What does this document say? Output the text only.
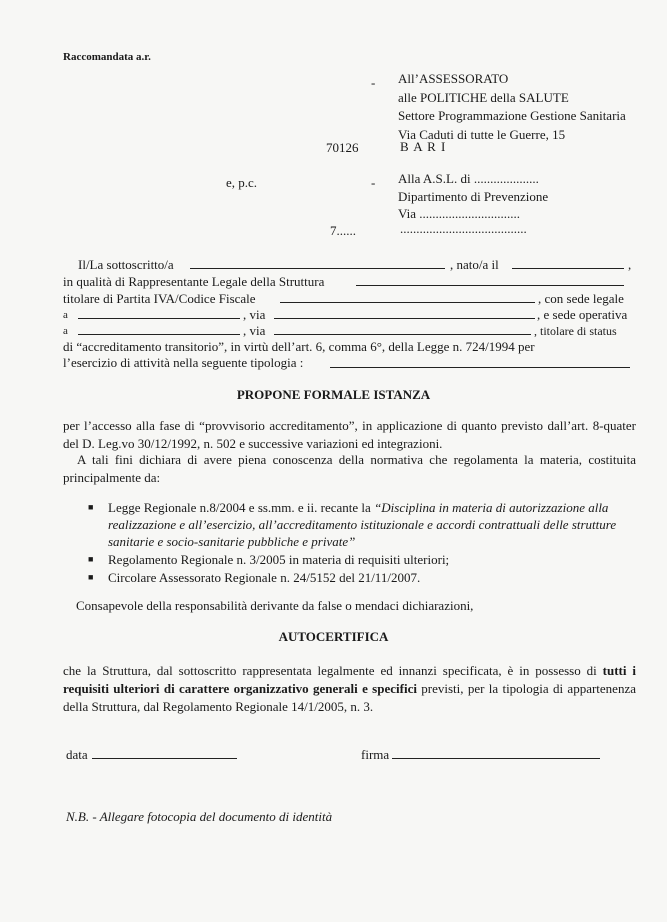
Raccomandata a.r.
- All’ASSESSORATO
alle POLITICHE della SALUTE
Settore Programmazione Gestione Sanitaria
Via Caduti di tutte le Guerre, 15
70126	B A R I
e, p.c.	- Alla A.S.L. di ....................
Dipartimento di Prevenzione
Via ...............................
7......	.......................................
Il/La sottoscritto/a	, nato/a il	,
in qualità di Rappresentante Legale della Struttura
titolare di Partita IVA/Codice Fiscale	, con sede legale
a	, via	, e sede operativa
a	, via	, titolare di status
di “accreditamento transitorio”, in virtù dell’art. 6, comma 6°, della Legge n. 724/1994 per
l’esercizio di attività nella seguente tipologia :
PROPONE FORMALE ISTANZA
per l’accesso alla fase di “provvisorio accreditamento”, in applicazione di quanto previsto dall’art. 8-quater del D. Leg.vo 30/12/1992, n. 502 e successive variazioni ed integrazioni.
A tali fini dichiara di avere piena conoscenza della normativa che regolamenta la materia, costituita principalmente da:
■ Legge Regionale n.8/2004 e ss.mm. e ii. recante la “Disciplina in materia di autorizzazione alla realizzazione e all’esercizio, all’accreditamento istituzionale e accordi contrattuali delle strutture sanitarie e socio-sanitarie pubbliche e private”
■ Regolamento Regionale n. 3/2005 in materia di requisiti ulteriori;
■ Circolare Assessorato Regionale n. 24/5152 del 21/11/2007.
Consapevole della responsabilità derivante da false o mendaci dichiarazioni,
AUTOCERTIFICA
che la Struttura, dal sottoscritto rappresentata legalmente ed innanzi specificata, è in possesso di tutti i requisiti ulteriori di carattere organizzativo generali e specifici previsti, per la tipologia di appartenenza della Struttura, dal Regolamento Regionale 14/1/2005, n. 3.
data	firma
N.B. - Allegare fotocopia del documento di identità
